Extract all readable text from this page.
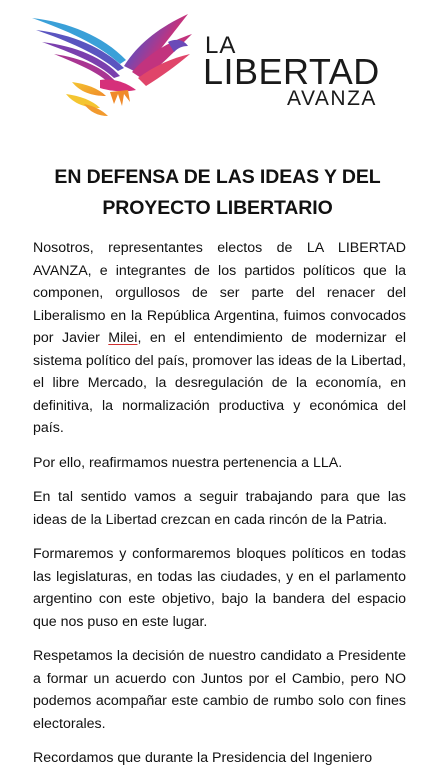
LA
LIBERTAD
AVANZA
EN DEFENSA DE LAS IDEAS Y DEL
PROYECTO LIBERTARIO

Nosotros, representantes electos de LA LIBERTAD AVANZA, e integrantes de los partidos políticos que la componen, orgullosos de ser parte del renacer del Liberalismo en la República Argentina, fuimos convocados por Javier Milei, en el entendimiento de modernizar el sistema político del país, promover las ideas de la Libertad, el libre Mercado, la desregulación de la economía, en definitiva, la normalización productiva y económica del país.

Por ello, reafirmamos nuestra pertenencia a LLA.

En tal sentido vamos a seguir trabajando para que las ideas de la Libertad crezcan en cada rincón de la Patria.

Formaremos y conformaremos bloques políticos en todas las legislaturas, en todas las ciudades, y en el parlamento argentino con este objetivo, bajo la bandera del espacio que nos puso en este lugar.

Respetamos la decisión de nuestro candidato a Presidente a formar un acuerdo con Juntos por el Cambio, pero NO podemos acompañar este cambio de rumbo solo con fines electorales.

Recordamos que durante la Presidencia del Ingeniero
